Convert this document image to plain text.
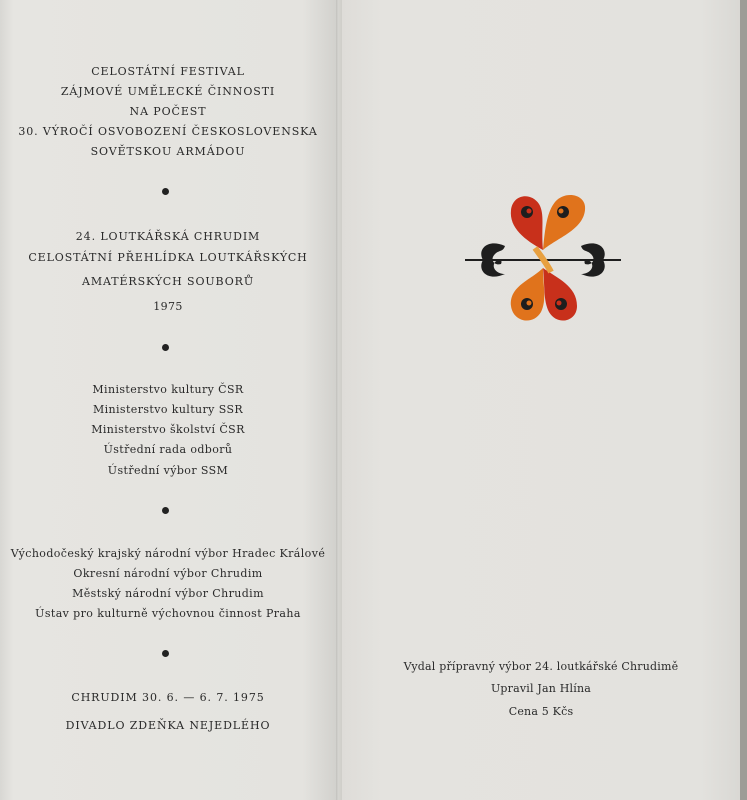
CELOSTÁTNÍ FESTIVAL
ZÁJMOVÉ UMĚLECKÉ ČINNOSTI
NA POČEST
30. VÝROČÍ OSVOBOZENÍ ČESKOSLOVENSKA
SOVĚTSKOU ARMÁDOU
24. LOUTKÁŘSKÁ CHRUDIM
CELOSTÁTNÍ PŘEHLÍDKA LOUTKÁŘSKÝCH
AMATÉRSKÝCH SOUBORŮ
1975
Ministerstvo kultury ČSR
Ministerstvo kultury SSR
Ministerstvo školství ČSR
Ústřední rada odborů
Ústřední výbor SSM
Východočeský krajský národní výbor Hradec Králové
Okresní národní výbor Chrudim
Městský národní výbor Chrudim
Ústav pro kulturně výchovnou činnost Praha
CHRUDIM 30. 6. — 6. 7. 1975
DIVADLO ZDEŇKA NEJEDLÉHO
Vydal přípravný výbor 24. loutkářské Chrudimě
Upravil Jan Hlína
Cena 5 Kčs
